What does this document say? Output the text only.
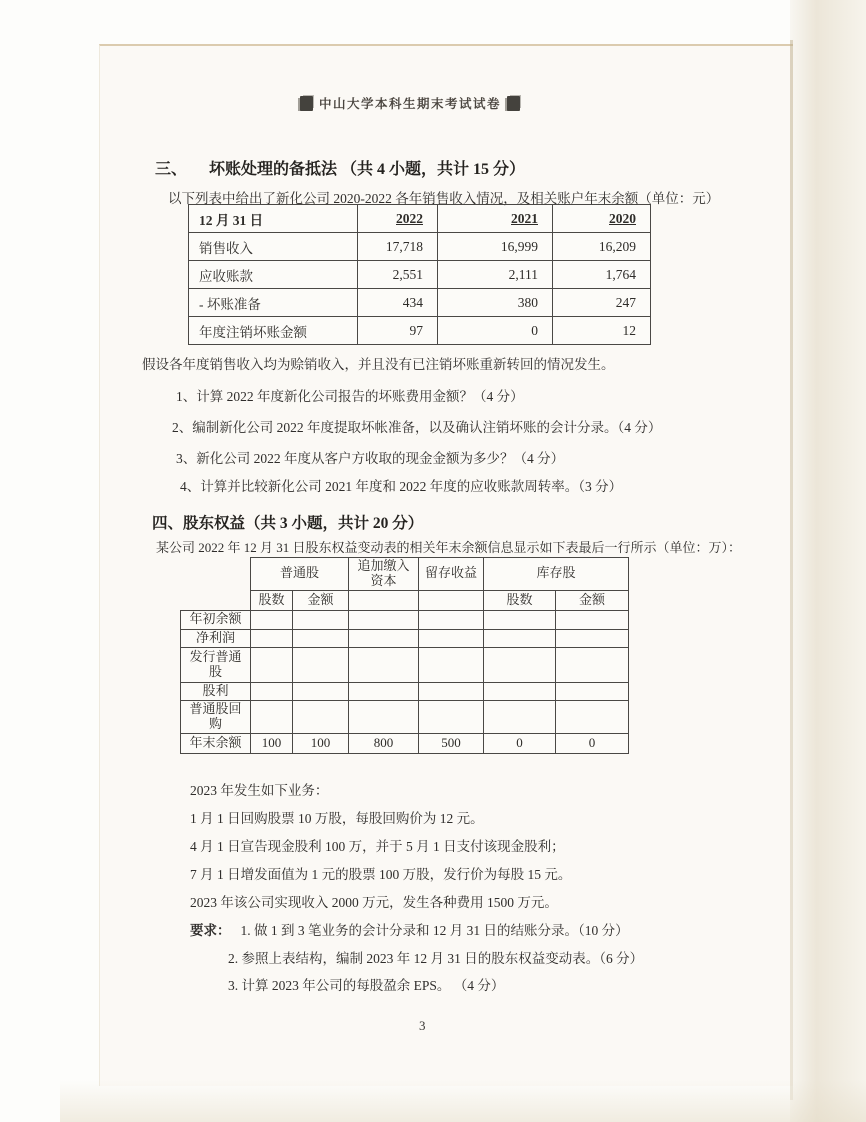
中山大学本科生期末考试试卷
三、 坏账处理的备抵法 （共 4 小题，共计 15 分）
以下列表中给出了新化公司 2020-2022 各年销售收入情况，及相关账户年末余额（单位：元）
12 月 31 日	2022	2021	2020
销售收入	17,718	16,999	16,209
应收账款	2,551	2,111	1,764
- 坏账准备	434	380	247
年度注销坏账金额	97	0	12
假设各年度销售收入均为赊销收入，并且没有已注销坏账重新转回的情况发生。
1、计算 2022 年度新化公司报告的坏账费用金额？（4 分）
2、编制新化公司 2022 年度提取坏帐准备，以及确认注销坏账的会计分录。（4 分）
3、新化公司 2022 年度从客户方收取的现金金额为多少？（4 分）
4、计算并比较新化公司 2021 年度和 2022 年度的应收账款周转率。（3 分）
四、股东权益（共 3 小题，共计 20 分）
某公司 2022 年 12 月 31 日股东权益变动表的相关年末余额信息显示如下表最后一行所示（单位：万）：
	普通股		追加缴入资本	留存收益	库存股	
	股数	金额			股数	金额
年初余额						
净利润						
发行普通股						
股利						
普通股回购						
年末余额	100	100	800	500	0	0
2023 年发生如下业务：
1 月 1 日回购股票 10 万股，每股回购价为 12 元。
4 月 1 日宣告现金股利 100 万，并于 5 月 1 日支付该现金股利；
7 月 1 日增发面值为 1 元的股票 100 万股，发行价为每股 15 元。
2023 年该公司实现收入 2000 万元，发生各种费用 1500 万元。
要求： 1. 做 1 到 3 笔业务的会计分录和 12 月 31 日的结账分录。（10 分）
2. 参照上表结构，编制 2023 年 12 月 31 日的股东权益变动表。（6 分）
3. 计算 2023 年公司的每股盈余 EPS。 （4 分）
3
